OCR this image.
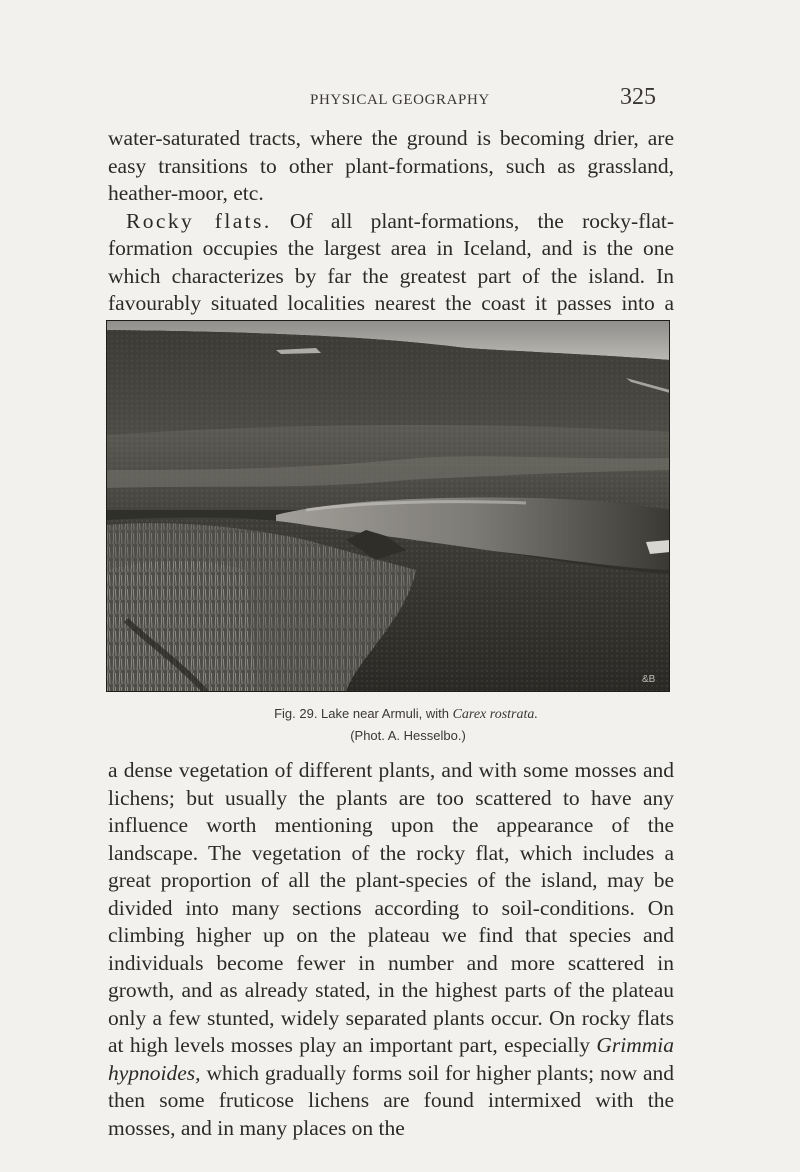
PHYSICAL GEOGRAPHY	325

water-saturated tracts, where the ground is becoming drier, are easy transitions to other plant-formations, such as grassland, heather-moor, etc.

Rocky flats. Of all plant-formations, the rocky-flat-formation occupies the largest area in Iceland, and is the one which characterizes by far the greatest part of the island. In favourably situated localities nearest the coast it passes into a

&B
Fig. 29. Lake near Armuli, with Carex rostrata.
(Phot. A. Hesselbo.)

a dense vegetation of different plants, and with some mosses and lichens; but usually the plants are too scattered to have any influence worth mentioning upon the appearance of the landscape. The vegetation of the rocky flat, which includes a great proportion of all the plant-species of the island, may be divided into many sections according to soil-conditions. On climbing higher up on the plateau we find that species and individuals become fewer in number and more scattered in growth, and as already stated, in the highest parts of the plateau only a few stunted, widely separated plants occur. On rocky flats at high levels mosses play an important part, especially Grimmia hypnoides, which gradually forms soil for higher plants; now and then some fruticose lichens are found intermixed with the mosses, and in many places on the
